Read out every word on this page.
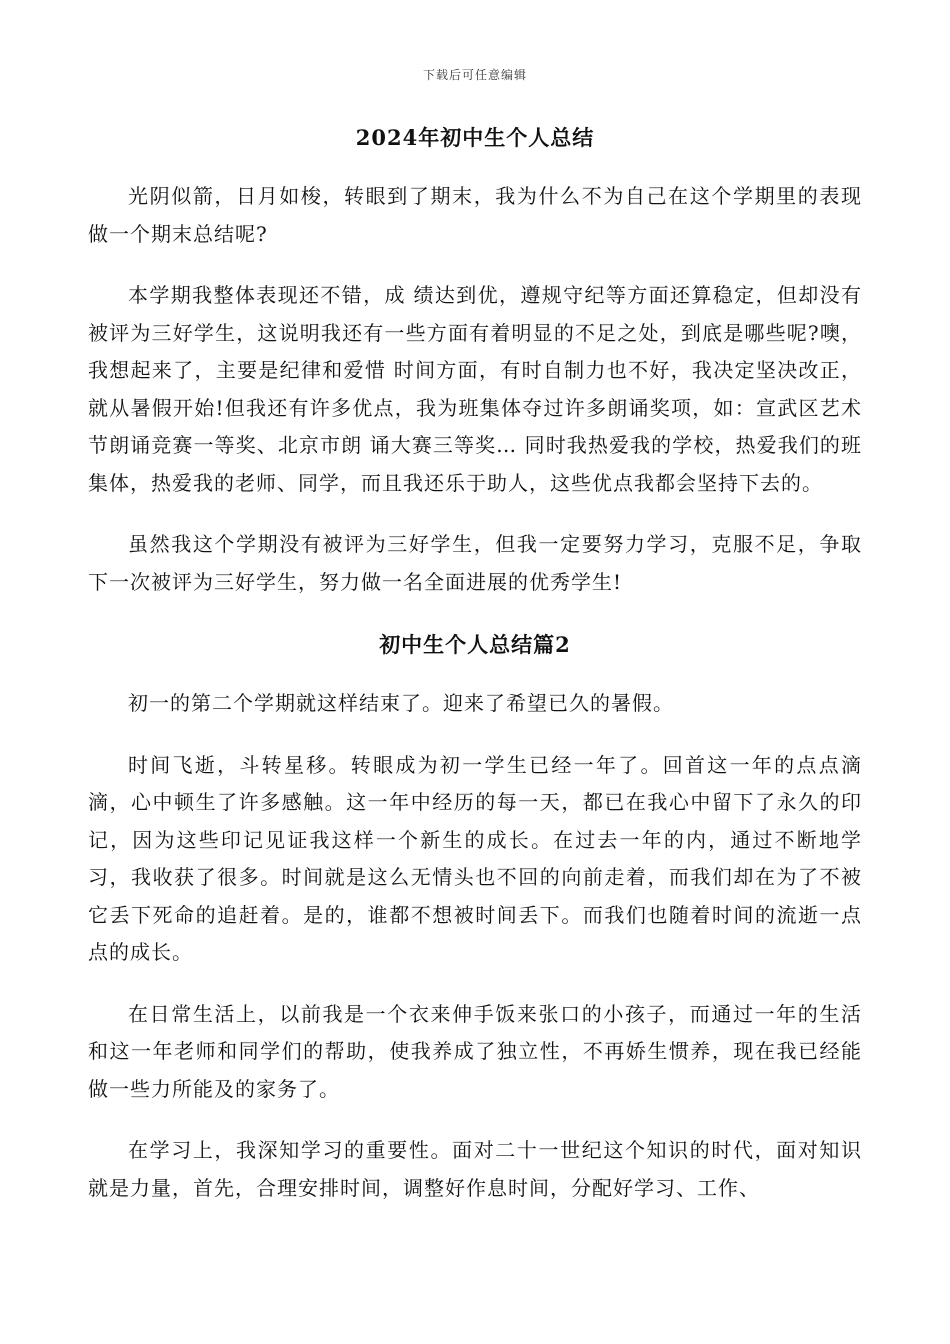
下载后可任意编辑
2024年初中生个人总结

光阴似箭，日月如梭，转眼到了期末，我为什么不为自己在这个学期里的表现做一个期末总结呢?

本学期我整体表现还不错，成 绩达到优，遵规守纪等方面还算稳定，但却没有被评为三好学生，这说明我还有一些方面有着明显的不足之处，到底是哪些呢?噢，我想起来了，主要是纪律和爱惜 时间方面，有时自制力也不好，我决定坚决改正，就从暑假开始!但我还有许多优点，我为班集体夺过许多朗诵奖项，如：宣武区艺术节朗诵竞赛一等奖、北京市朗 诵大赛三等奖… 同时我热爱我的学校，热爱我们的班集体，热爱我的老师、同学，而且我还乐于助人，这些优点我都会坚持下去的。

虽然我这个学期没有被评为三好学生，但我一定要努力学习，克服不足，争取下一次被评为三好学生，努力做一名全面进展的优秀学生!

初中生个人总结篇2

初一的第二个学期就这样结束了。迎来了希望已久的暑假。

时间飞逝，斗转星移。转眼成为初一学生已经一年了。回首这一年的点点滴滴，心中顿生了许多感触。这一年中经历的每一天，都已在我心中留下了永久的印记，因为这些印记见证我这样一个新生的成长。在过去一年的内，通过不断地学习，我收获了很多。时间就是这么无情头也不回的向前走着，而我们却在为了不被它丢下死命的追赶着。是的，谁都不想被时间丢下。而我们也随着时间的流逝一点点的成长。

在日常生活上，以前我是一个衣来伸手饭来张口的小孩子，而通过一年的生活和这一年老师和同学们的帮助，使我养成了独立性，不再娇生惯养，现在我已经能做一些力所能及的家务了。

在学习上，我深知学习的重要性。面对二十一世纪这个知识的时代，面对知识就是力量，首先，合理安排时间，调整好作息时间，分配好学习、工作、
